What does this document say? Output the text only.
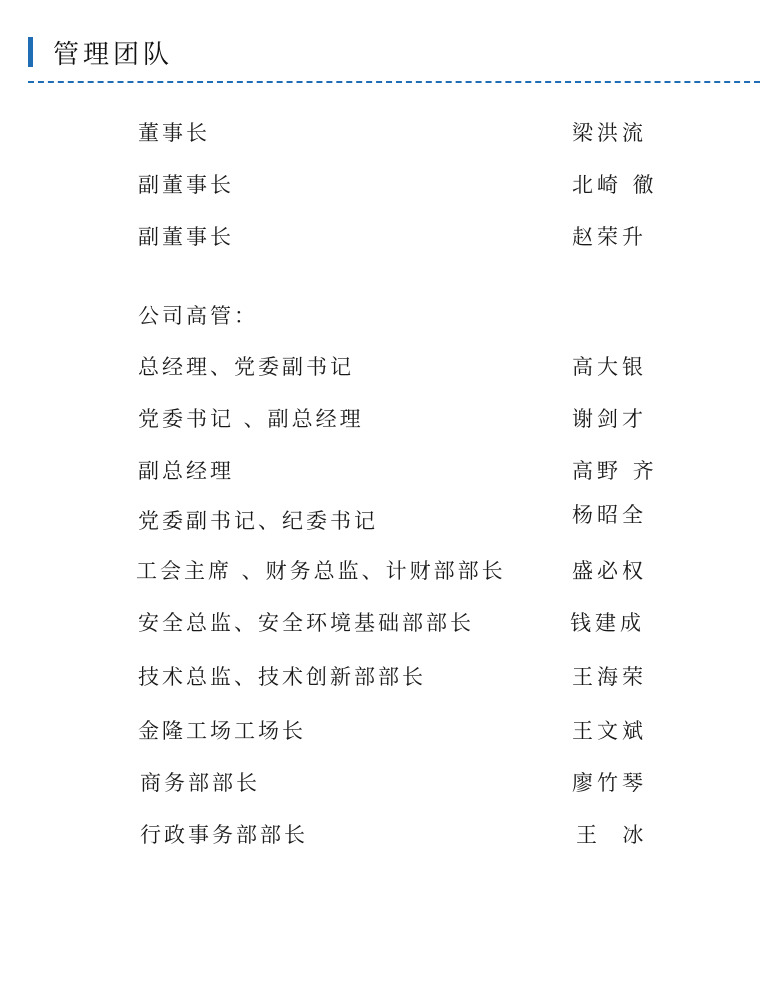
管理团队
董事长	梁洪流
副董事长	北崎 徹
副董事长	赵荣升
公司高管：
总经理、党委副书记	高大银
党委书记 、副总经理	谢剑才
副总经理	高野 齐
党委副书记、纪委书记	杨昭全
工会主席 、财务总监、计财部部长	盛必权
安全总监、安全环境基础部部长	钱建成
技术总监、技术创新部部长	王海荣
金隆工场工场长	王文斌
商务部部长	廖竹琴
行政事务部部长	王  冰
